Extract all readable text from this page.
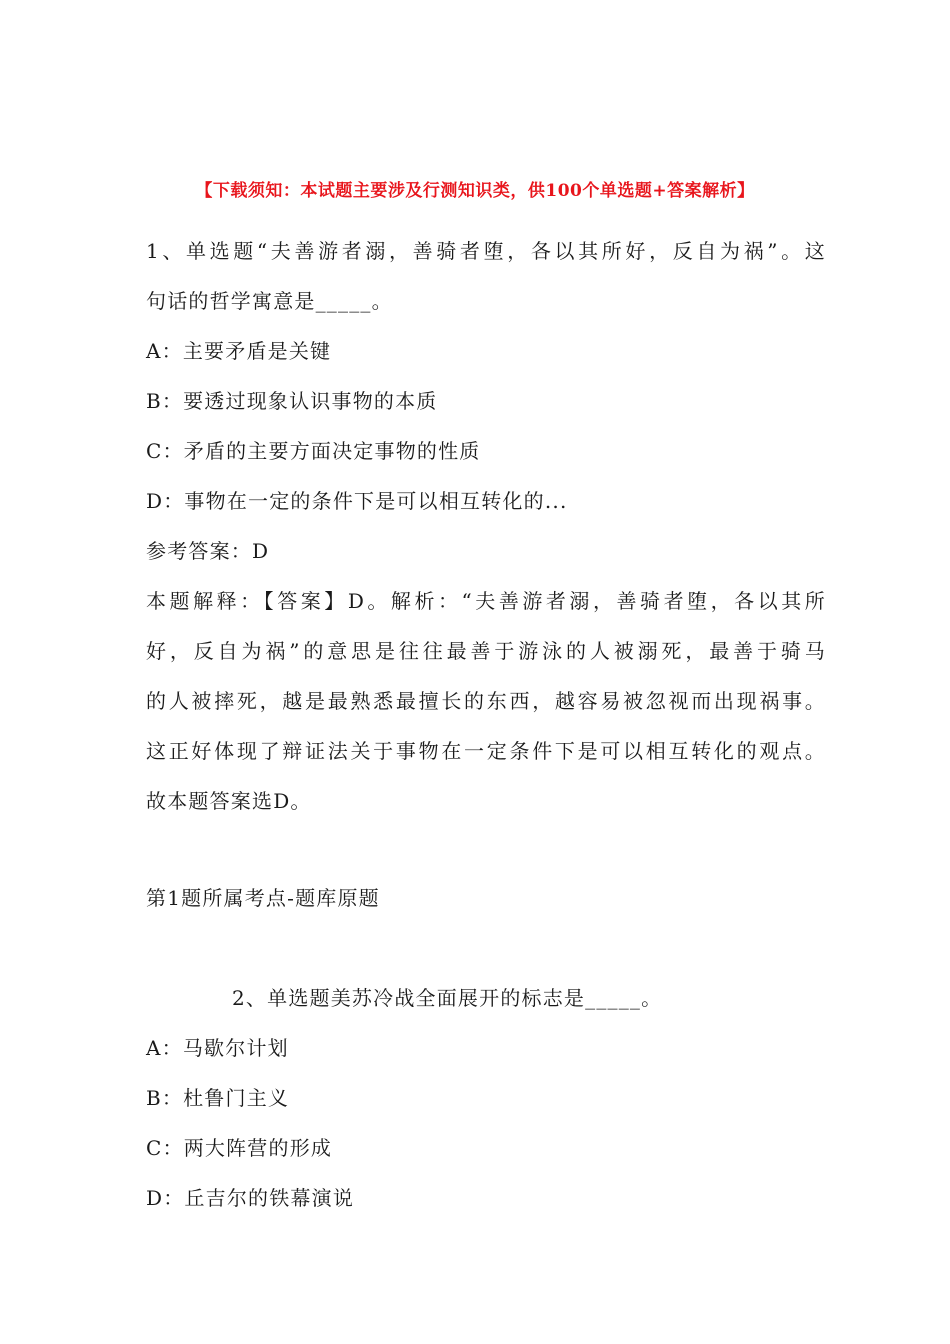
【下载须知：本试题主要涉及行测知识类，供100个单选题+答案解析】
1、单选题“夫善游者溺，善骑者堕，各以其所好，反自为祸”。这
句话的哲学寓意是_____。
A：主要矛盾是关键
B：要透过现象认识事物的本质
C：矛盾的主要方面决定事物的性质
D：事物在一定的条件下是可以相互转化的...
参考答案：D
本题解释：【答案】D。解析：“夫善游者溺，善骑者堕，各以其所
好，反自为祸”的意思是往往最善于游泳的人被溺死，最善于骑马
的人被摔死，越是最熟悉最擅长的东西，越容易被忽视而出现祸事。
这正好体现了辩证法关于事物在一定条件下是可以相互转化的观点。
故本题答案选D。
第1题所属考点-题库原题
2、单选题美苏冷战全面展开的标志是_____。
A：马歇尔计划
B：杜鲁门主义
C：两大阵营的形成
D：丘吉尔的铁幕演说
